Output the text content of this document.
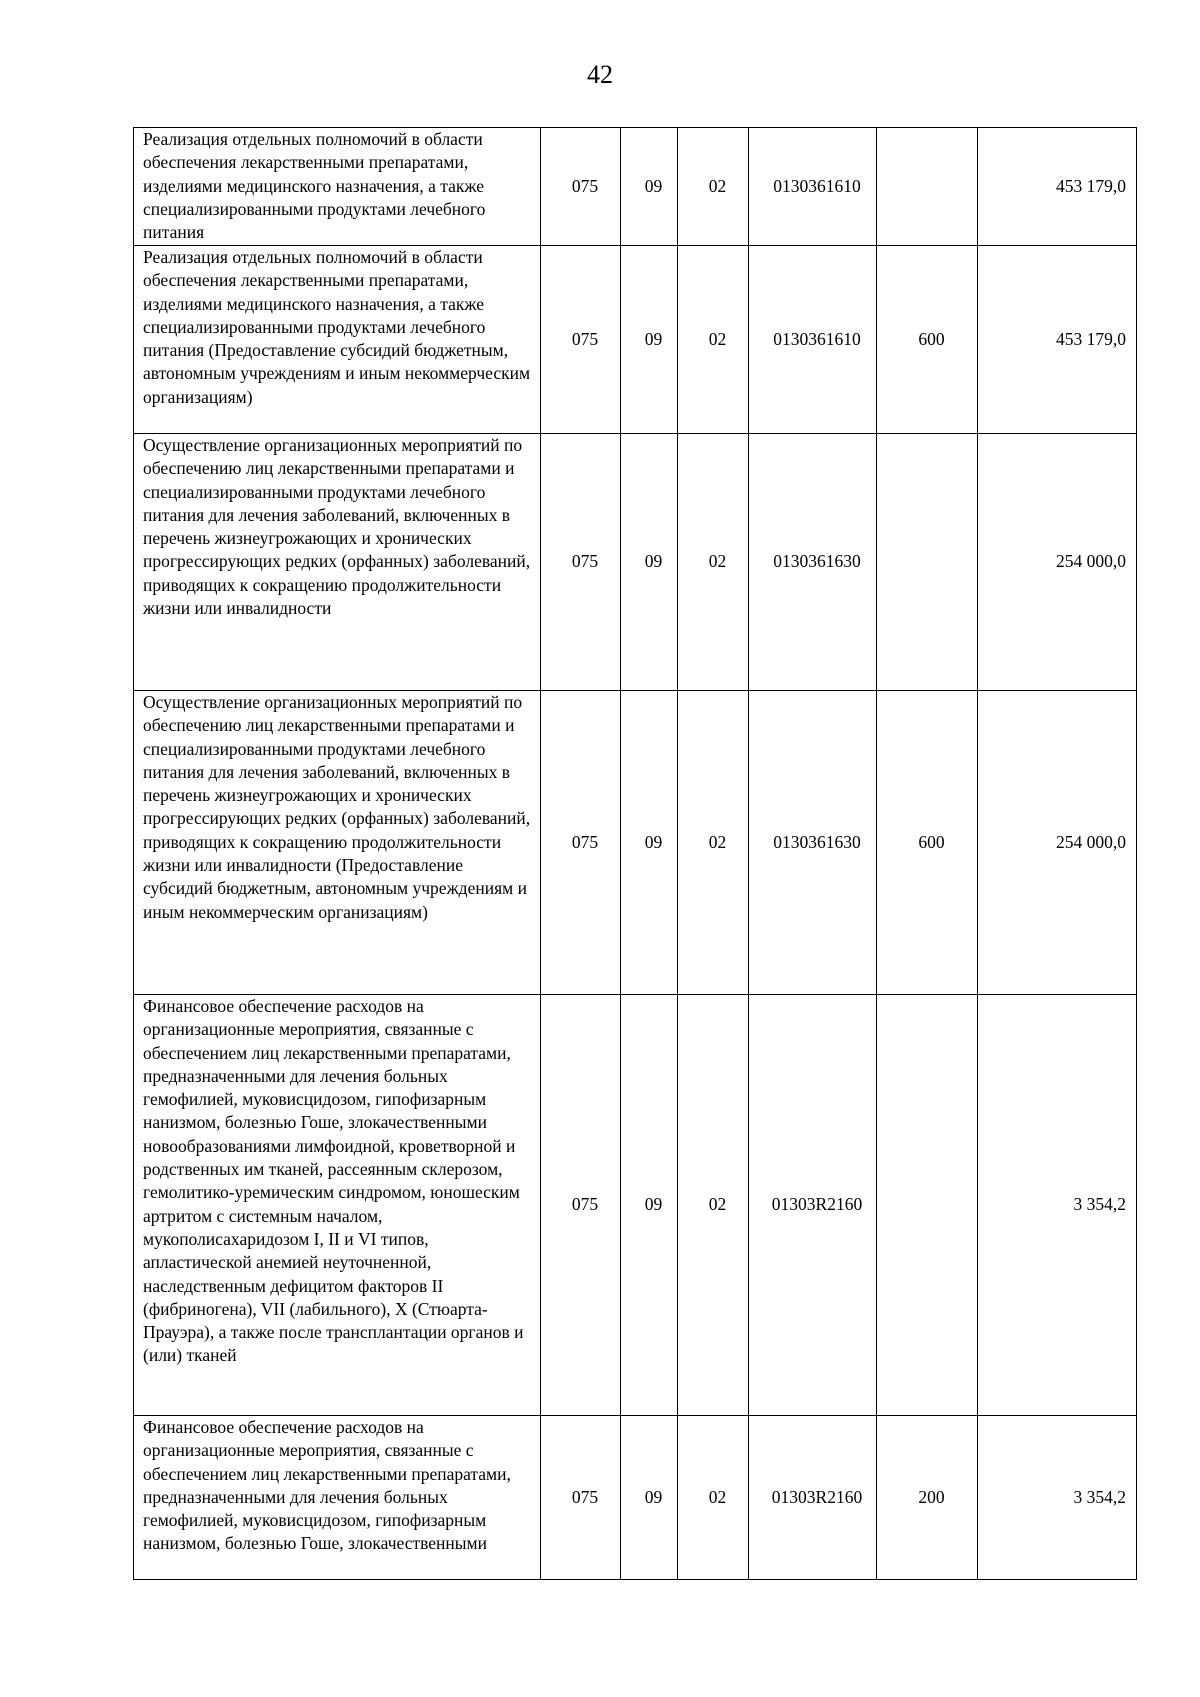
42
Реализация отдельных полномочий в области обеспечения лекарственными препаратами, изделиями медицинского назначения, а также специализированными продуктами лечебного питания	075	09	02	0130361610		453 179,0
Реализация отдельных полномочий в области обеспечения лекарственными препаратами, изделиями медицинского назначения, а также специализированными продуктами лечебного питания (Предоставление субсидий бюджетным, автономным учреждениям и иным некоммерческим организациям)	075	09	02	0130361610	600	453 179,0
Осуществление организационных мероприятий по обеспечению лиц лекарственными препаратами и специализированными продуктами лечебного питания для лечения заболеваний, включенных в перечень жизнеугрожающих и хронических прогрессирующих редких (орфанных) заболеваний, приводящих к сокращению продолжительности жизни или инвалидности	075	09	02	0130361630		254 000,0
Осуществление организационных мероприятий по обеспечению лиц лекарственными препаратами и специализированными продуктами лечебного питания для лечения заболеваний, включенных в перечень жизнеугрожающих и хронических прогрессирующих редких (орфанных) заболеваний, приводящих к сокращению продолжительности жизни или инвалидности (Предоставление субсидий бюджетным, автономным учреждениям и иным некоммерческим организациям)	075	09	02	0130361630	600	254 000,0
Финансовое обеспечение расходов на организационные мероприятия, связанные с обеспечением лиц лекарственными препаратами, предназначенными для лечения больных гемофилией, муковисцидозом, гипофизарным нанизмом, болезнью Гоше, злокачественными новообразованиями лимфоидной, кроветворной и родственных им тканей, рассеянным склерозом, гемолитико-уремическим синдромом, юношеским артритом с системным началом, мукополисахаридозом I, II и VI типов, апластической анемией неуточненной, наследственным дефицитом факторов II (фибриногена), VII (лабильного), X (Стюарта-Прауэра), а также после трансплантации органов и (или) тканей	075	09	02	01303R2160		3 354,2
Финансовое обеспечение расходов на организационные мероприятия, связанные с обеспечением лиц лекарственными препаратами, предназначенными для лечения больных гемофилией, муковисцидозом, гипофизарным нанизмом, болезнью Гоше, злокачественными	075	09	02	01303R2160	200	3 354,2
